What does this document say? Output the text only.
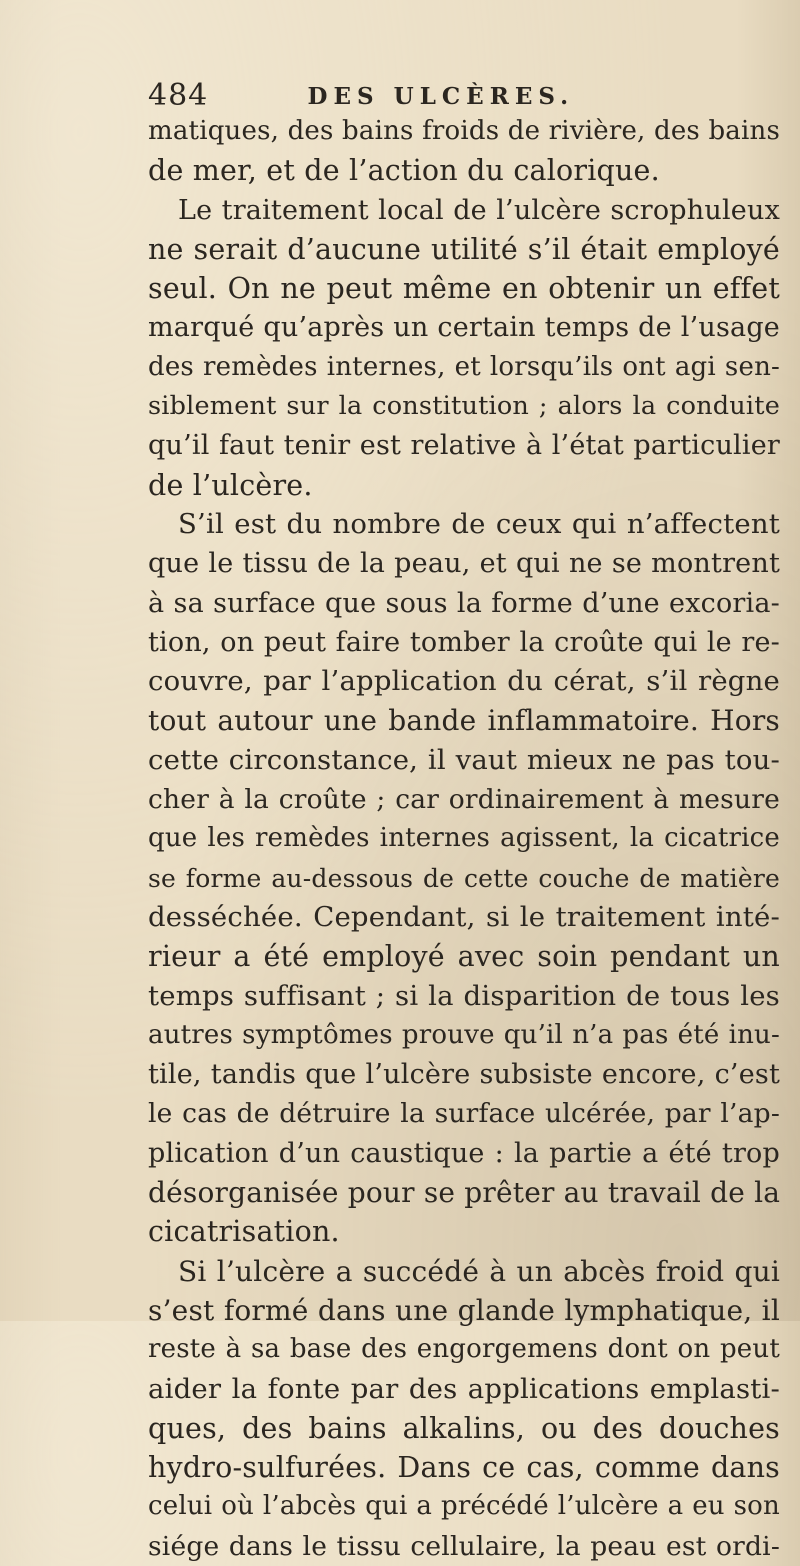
484	DES ULCÈRES.
matiques, des bains froids de rivière, des bains
de mer, et de l’action du calorique.
Le traitement local de l’ulcère scrophuleux
ne serait d’aucune utilité s’il était employé
seul. On ne peut même en obtenir un effet
marqué qu’après un certain temps de l’usage
des remèdes internes, et lorsqu’ils ont agi sen-
siblement sur la constitution ; alors la conduite
qu’il faut tenir est relative à l’état particulier
de l’ulcère.
S’il est du nombre de ceux qui n’affectent
que le tissu de la peau, et qui ne se montrent
à sa surface que sous la forme d’une excoria-
tion, on peut faire tomber la croûte qui le re-
couvre, par l’application du cérat, s’il règne
tout autour une bande inflammatoire. Hors
cette circonstance, il vaut mieux ne pas tou-
cher à la croûte ; car ordinairement à mesure
que les remèdes internes agissent, la cicatrice
se forme au-dessous de cette couche de matière
desséchée. Cependant, si le traitement inté-
rieur a été employé avec soin pendant un
temps suffisant ; si la disparition de tous les
autres symptômes prouve qu’il n’a pas été inu-
tile, tandis que l’ulcère subsiste encore, c’est
le cas de détruire la surface ulcérée, par l’ap-
plication d’un caustique : la partie a été trop
désorganisée pour se prêter au travail de la
cicatrisation.
Si l’ulcère a succédé à un abcès froid qui
s’est formé dans une glande lymphatique, il
reste à sa base des engorgemens dont on peut
aider la fonte par des applications emplasti-
ques, des bains alkalins, ou des douches
hydro-sulfurées. Dans ce cas, comme dans
celui où l’abcès qui a précédé l’ulcère a eu son
siége dans le tissu cellulaire, la peau est ordi-
